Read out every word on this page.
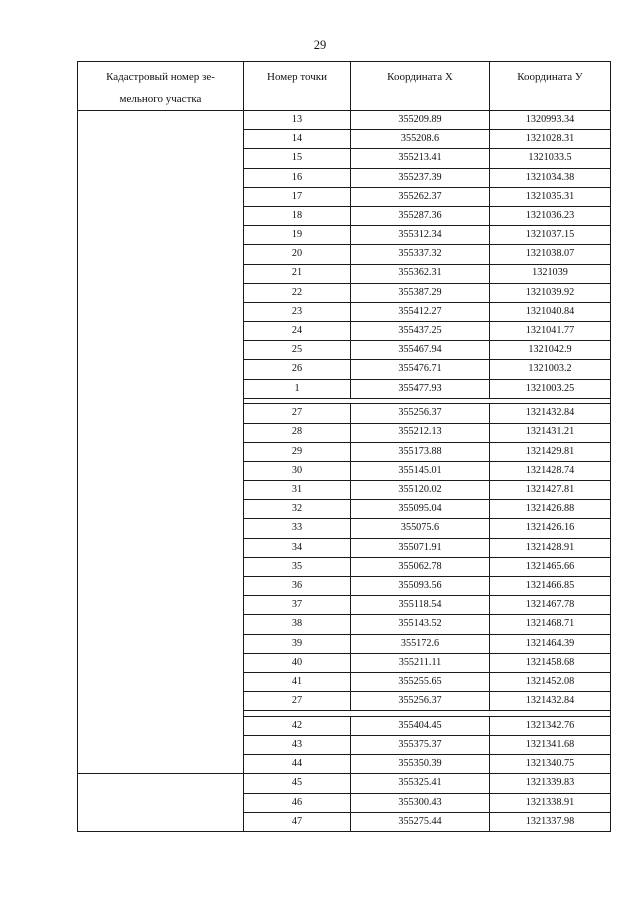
29
Кадастровый номер зе-
мельного участка	Номер точки	Координата X	Координата У
	13	355209.89	1320993.34
	14	355208.6	1321028.31
	15	355213.41	1321033.5
	16	355237.39	1321034.38
	17	355262.37	1321035.31
	18	355287.36	1321036.23
	19	355312.34	1321037.15
	20	355337.32	1321038.07
	21	355362.31	1321039
	22	355387.29	1321039.92
	23	355412.27	1321040.84
	24	355437.25	1321041.77
	25	355467.94	1321042.9
	26	355476.71	1321003.2
	1	355477.93	1321003.25

	27	355256.37	1321432.84
	28	355212.13	1321431.21
	29	355173.88	1321429.81
	30	355145.01	1321428.74
	31	355120.02	1321427.81
	32	355095.04	1321426.88
	33	355075.6	1321426.16
	34	355071.91	1321428.91
	35	355062.78	1321465.66
	36	355093.56	1321466.85
	37	355118.54	1321467.78
	38	355143.52	1321468.71
	39	355172.6	1321464.39
	40	355211.11	1321458.68
	41	355255.65	1321452.08
	27	355256.37	1321432.84

	42	355404.45	1321342.76
	43	355375.37	1321341.68
	44	355350.39	1321340.75
	45	355325.41	1321339.83
	46	355300.43	1321338.91
	47	355275.44	1321337.98
